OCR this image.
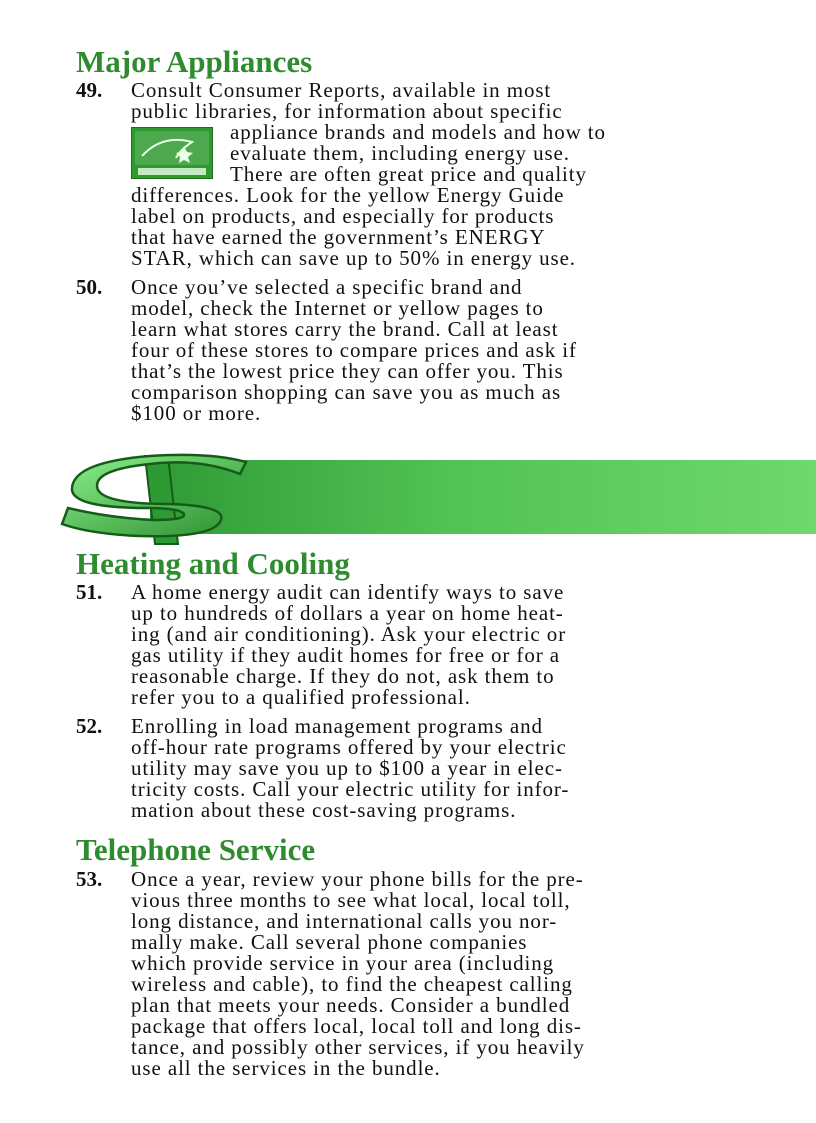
Major Appliances
49. Consult Consumer Reports, available in most
public libraries, for information about specific
appliance brands and models and how to
evaluate them, including energy use.
There are often great price and quality
differences. Look for the yellow Energy Guide
label on products, and especially for products
that have earned the government’s ENERGY
STAR, which can save up to 50% in energy use.
50. Once you’ve selected a specific brand and
model, check the Internet or yellow pages to
learn what stores carry the brand. Call at least
four of these stores to compare prices and ask if
that’s the lowest price they can offer you. This
comparison shopping can save you as much as
$100 or more.
Heating and Cooling
51. A home energy audit can identify ways to save
up to hundreds of dollars a year on home heat-
ing (and air conditioning). Ask your electric or
gas utility if they audit homes for free or for a
reasonable charge. If they do not, ask them to
refer you to a qualified professional.
52. Enrolling in load management programs and
off-hour rate programs offered by your electric
utility may save you up to $100 a year in elec-
tricity costs. Call your electric utility for infor-
mation about these cost-saving programs.
Telephone Service
53. Once a year, review your phone bills for the pre-
vious three months to see what local, local toll,
long distance, and international calls you nor-
mally make. Call several phone companies
which provide service in your area (including
wireless and cable), to find the cheapest calling
plan that meets your needs. Consider a bundled
package that offers local, local toll and long dis-
tance, and possibly other services, if you heavily
use all the services in the bundle.
